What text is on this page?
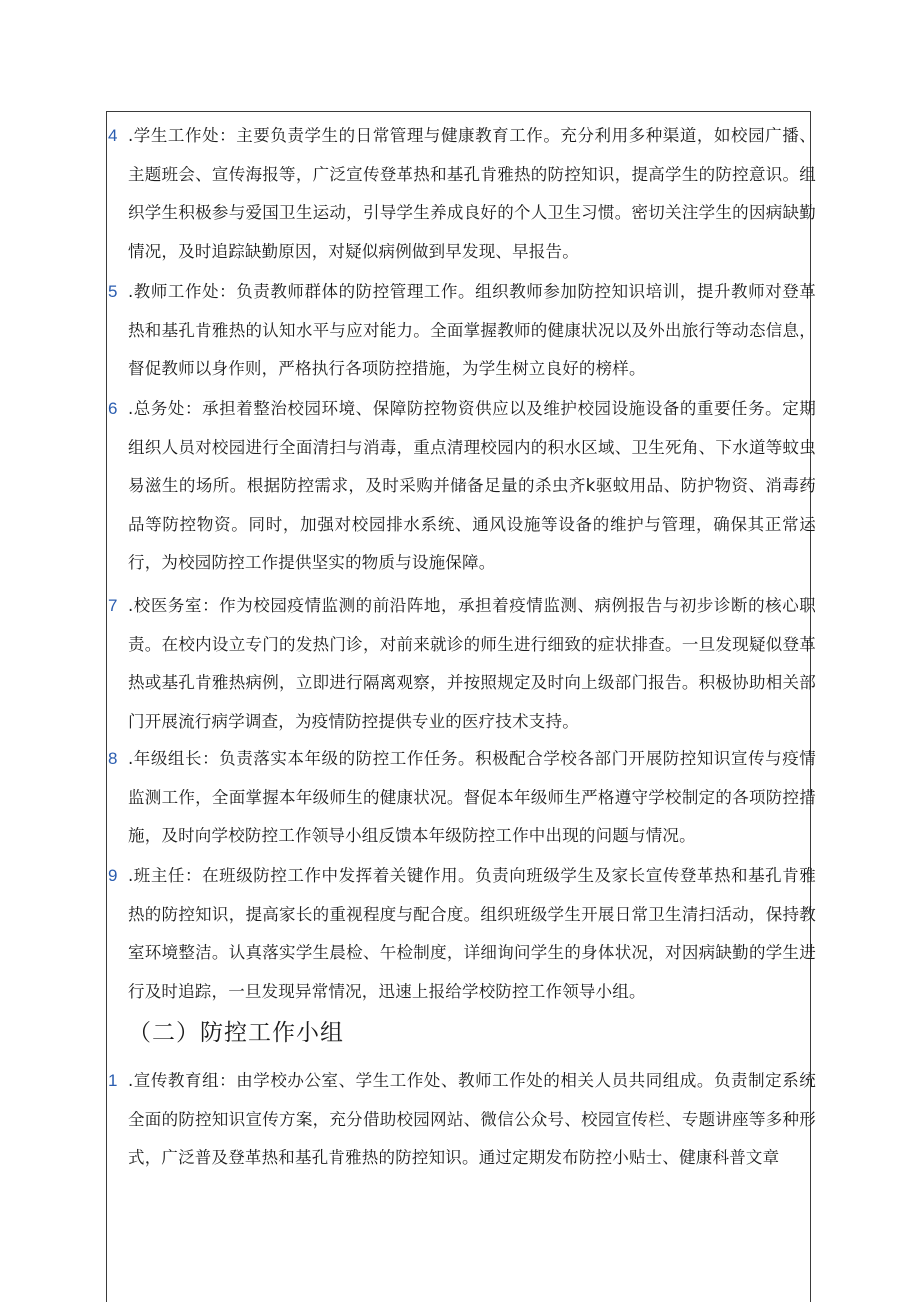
4 .学生工作处：主要负责学生的日常管理与健康教育工作。充分利用多种渠道，如校园广播、主题班会、宣传海报等，广泛宣传登革热和基孔肯雅热的防控知识，提高学生的防控意识。组织学生积极参与爱国卫生运动，引导学生养成良好的个人卫生习惯。密切关注学生的因病缺勤情况，及时追踪缺勤原因，对疑似病例做到早发现、早报告。
5 .教师工作处：负责教师群体的防控管理工作。组织教师参加防控知识培训，提升教师对登革热和基孔肯雅热的认知水平与应对能力。全面掌握教师的健康状况以及外出旅行等动态信息，督促教师以身作则，严格执行各项防控措施，为学生树立良好的榜样。
6 .总务处：承担着整治校园环境、保障防控物资供应以及维护校园设施设备的重要任务。定期组织人员对校园进行全面清扫与消毒，重点清理校园内的积水区域、卫生死角、下水道等蚊虫易滋生的场所。根据防控需求，及时采购并储备足量的杀虫齐k驱蚊用品、防护物资、消毒药品等防控物资。同时，加强对校园排水系统、通风设施等设备的维护与管理，确保其正常运行，为校园防控工作提供坚实的物质与设施保障。
7 .校医务室：作为校园疫情监测的前沿阵地，承担着疫情监测、病例报告与初步诊断的核心职责。在校内设立专门的发热门诊，对前来就诊的师生进行细致的症状排查。一旦发现疑似登革热或基孔肯雅热病例，立即进行隔离观察，并按照规定及时向上级部门报告。积极协助相关部门开展流行病学调查，为疫情防控提供专业的医疗技术支持。
8 .年级组长：负责落实本年级的防控工作任务。积极配合学校各部门开展防控知识宣传与疫情监测工作，全面掌握本年级师生的健康状况。督促本年级师生严格遵守学校制定的各项防控措施，及时向学校防控工作领导小组反馈本年级防控工作中出现的问题与情况。
9 .班主任：在班级防控工作中发挥着关键作用。负责向班级学生及家长宣传登革热和基孔肯雅热的防控知识，提高家长的重视程度与配合度。组织班级学生开展日常卫生清扫活动，保持教室环境整洁。认真落实学生晨检、午检制度，详细询问学生的身体状况，对因病缺勤的学生进行及时追踪，一旦发现异常情况，迅速上报给学校防控工作领导小组。
（二）防控工作小组
1 .宣传教育组：由学校办公室、学生工作处、教师工作处的相关人员共同组成。负责制定系统全面的防控知识宣传方案，充分借助校园网站、微信公众号、校园宣传栏、专题讲座等多种形式，广泛普及登革热和基孔肯雅热的防控知识。通过定期发布防控小贴士、健康科普文章
